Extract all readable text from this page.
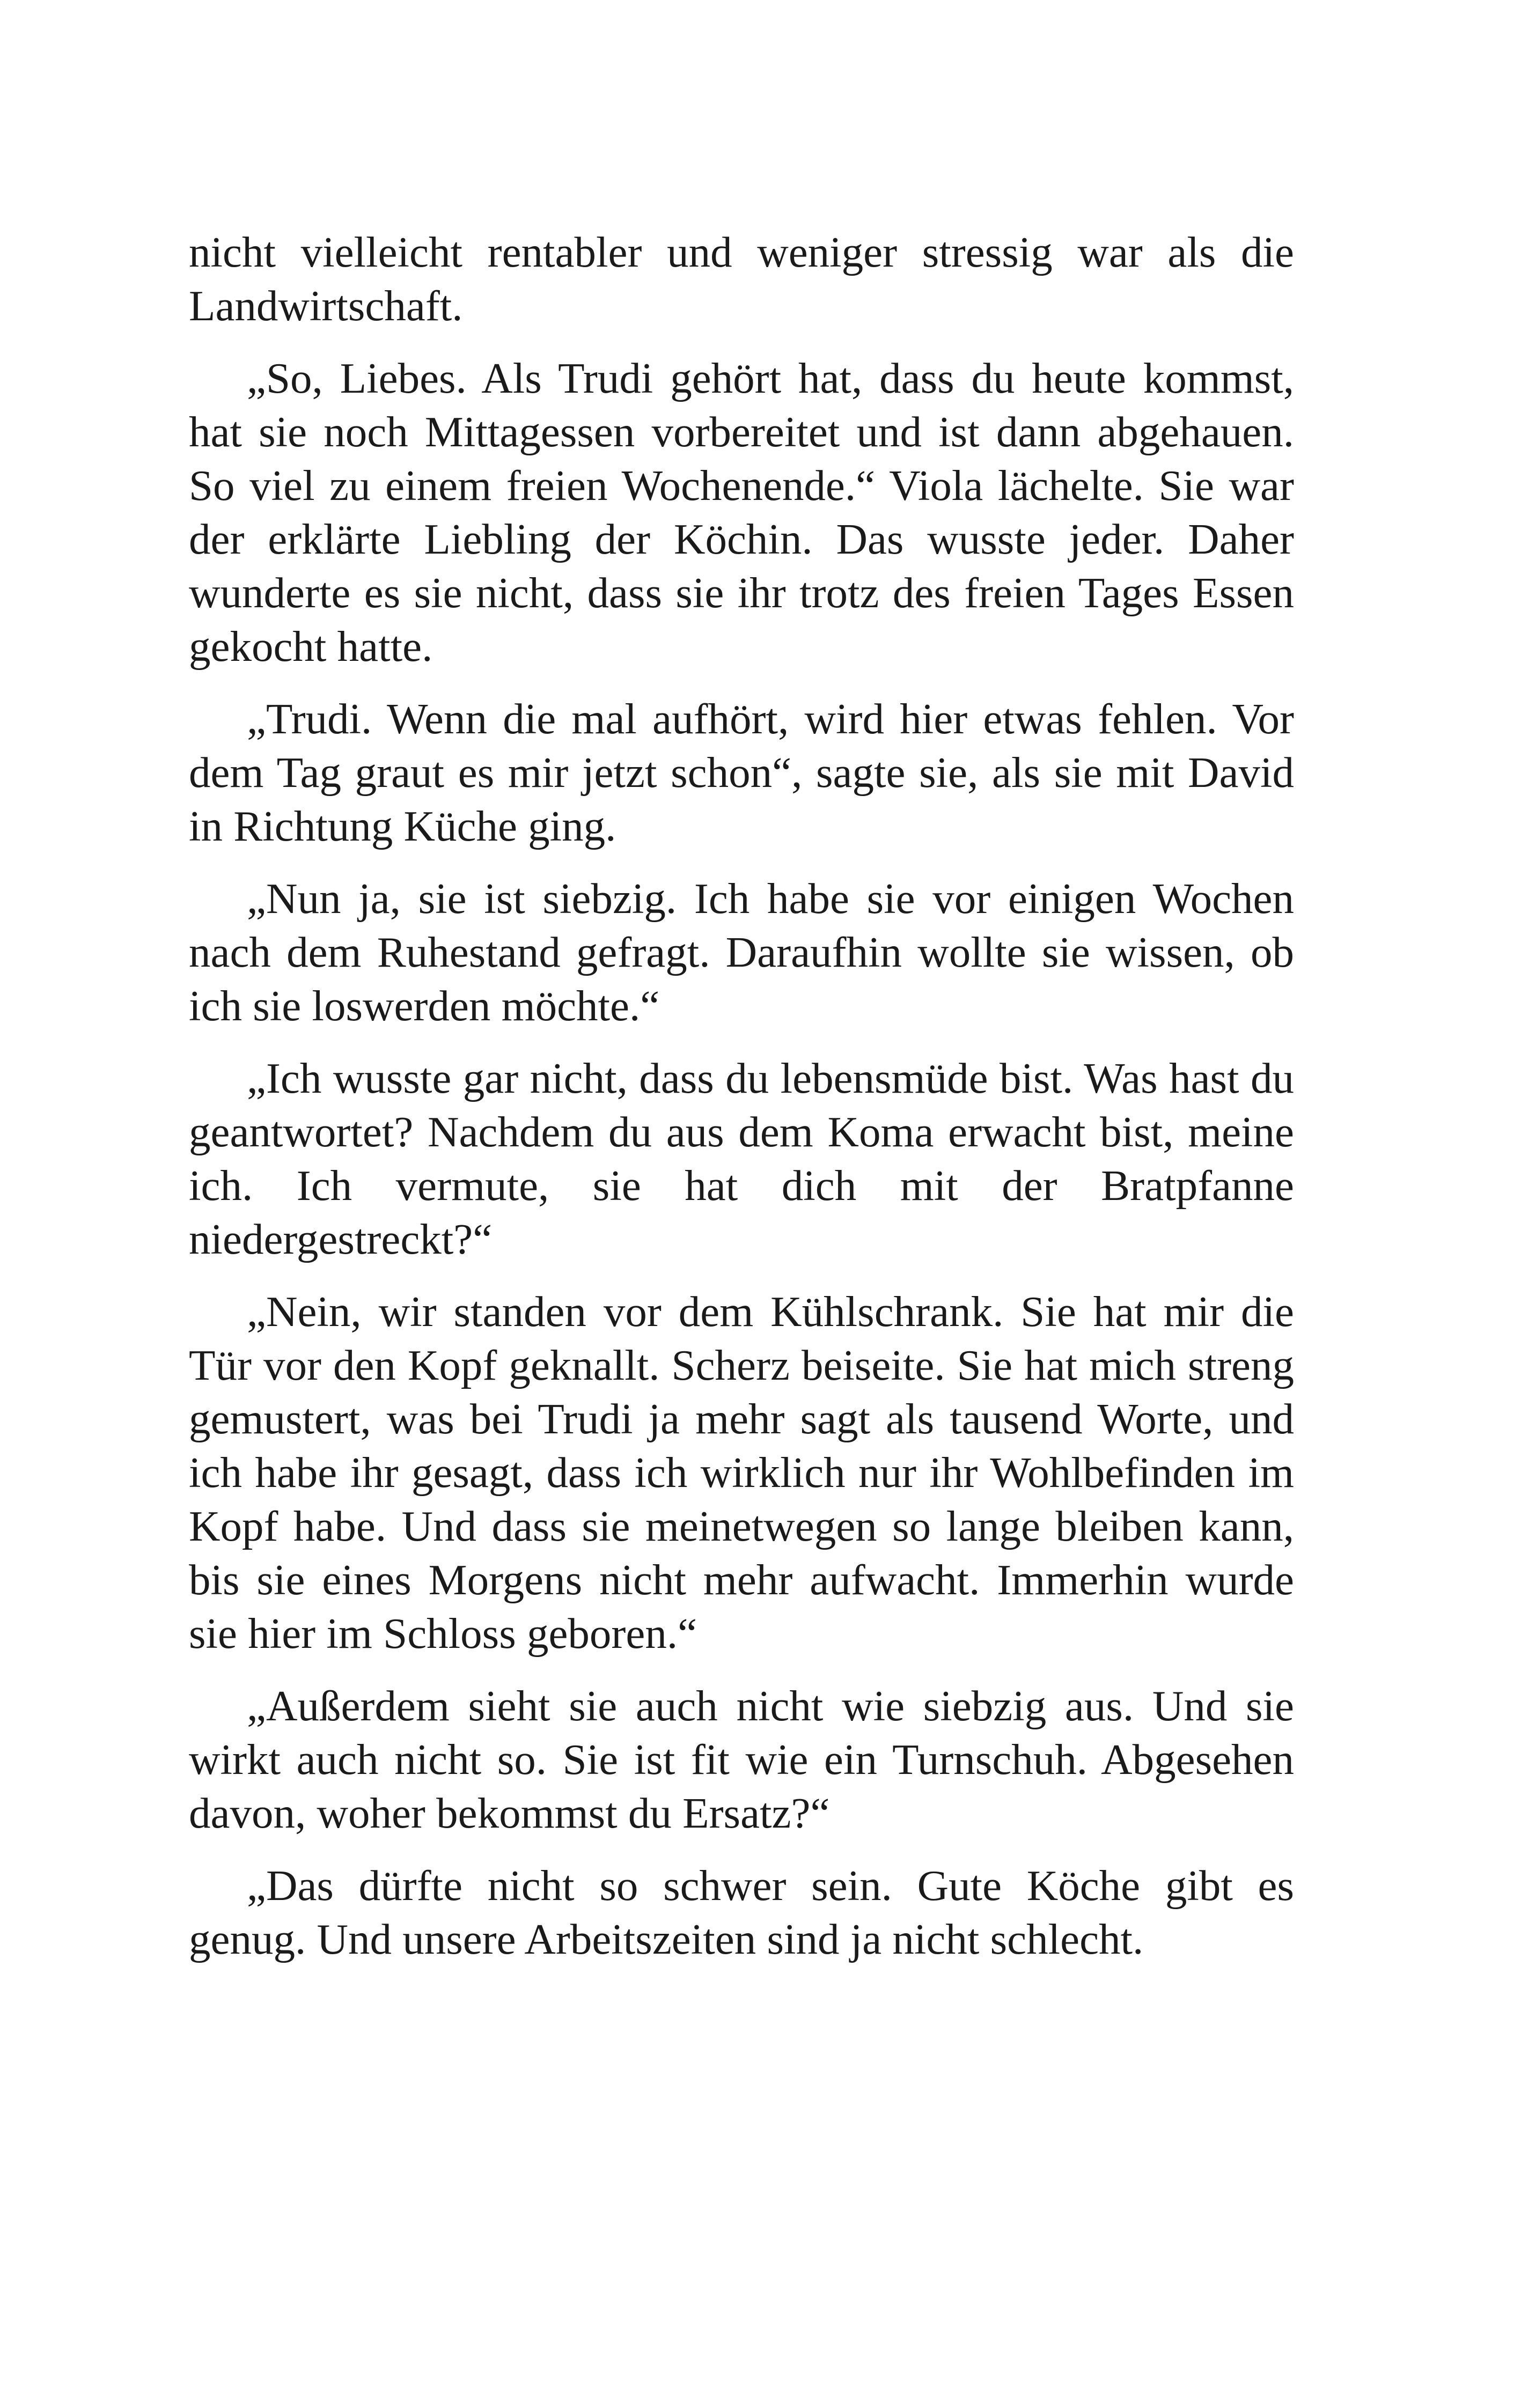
nicht vielleicht rentabler und weniger stressig war als die Landwirtschaft.

„So, Liebes. Als Trudi gehört hat, dass du heute kommst, hat sie noch Mittagessen vorbereitet und ist dann abgehauen. So viel zu einem freien Wochenende.“ Viola lächelte. Sie war der erklärte Liebling der Köchin. Das wusste jeder. Daher wunderte es sie nicht, dass sie ihr trotz des freien Tages Essen gekocht hatte.

„Trudi. Wenn die mal aufhört, wird hier etwas fehlen. Vor dem Tag graut es mir jetzt schon“, sagte sie, als sie mit David in Richtung Küche ging.

„Nun ja, sie ist siebzig. Ich habe sie vor einigen Wochen nach dem Ruhestand gefragt. Daraufhin wollte sie wissen, ob ich sie loswerden möchte.“

„Ich wusste gar nicht, dass du lebensmüde bist. Was hast du geantwortet? Nachdem du aus dem Koma erwacht bist, meine ich. Ich vermute, sie hat dich mit der Bratpfanne niedergestreckt?“

„Nein, wir standen vor dem Kühlschrank. Sie hat mir die Tür vor den Kopf geknallt. Scherz beiseite. Sie hat mich streng gemustert, was bei Trudi ja mehr sagt als tausend Worte, und ich habe ihr gesagt, dass ich wirklich nur ihr Wohlbefinden im Kopf habe. Und dass sie meinetwegen so lange bleiben kann, bis sie eines Morgens nicht mehr aufwacht. Immerhin wurde sie hier im Schloss geboren.“

„Außerdem sieht sie auch nicht wie siebzig aus. Und sie wirkt auch nicht so. Sie ist fit wie ein Turnschuh. Abgesehen davon, woher bekommst du Ersatz?“

„Das dürfte nicht so schwer sein. Gute Köche gibt es genug. Und unsere Arbeitszeiten sind ja nicht schlecht.
